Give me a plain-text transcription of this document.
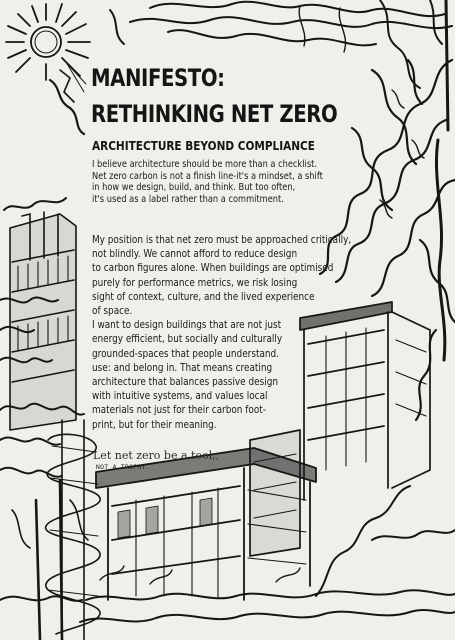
MANIFESTO:
RETHINKING NET ZERO
ARCHITECTURE BEYOND COMPLIANCE
I believe architecture should be more than a checklist.
Net zero carbon is not a finish line-it's a mindset, a shift
in how we design, build, and think. But too often,
it's used as a label rather than a commitment.
My position is that net zero must be approached critically,
not blindly. We cannot afford to reduce design
to carbon figures alone. When buildings are optimised
purely for performance metrics, we risk losing
sight of context, culture, and the lived experience
of space.
I want to design buildings that are not just
energy efficient, but socially and culturally
grounded-spaces that people understand.
use: and belong in. That means creating
architecture that balances passive design
with intuitive systems, and values local
materials not just for their carbon foot-
print, but for their meaning.
Let net zero be a tool,,
NOT A TROPHY.
